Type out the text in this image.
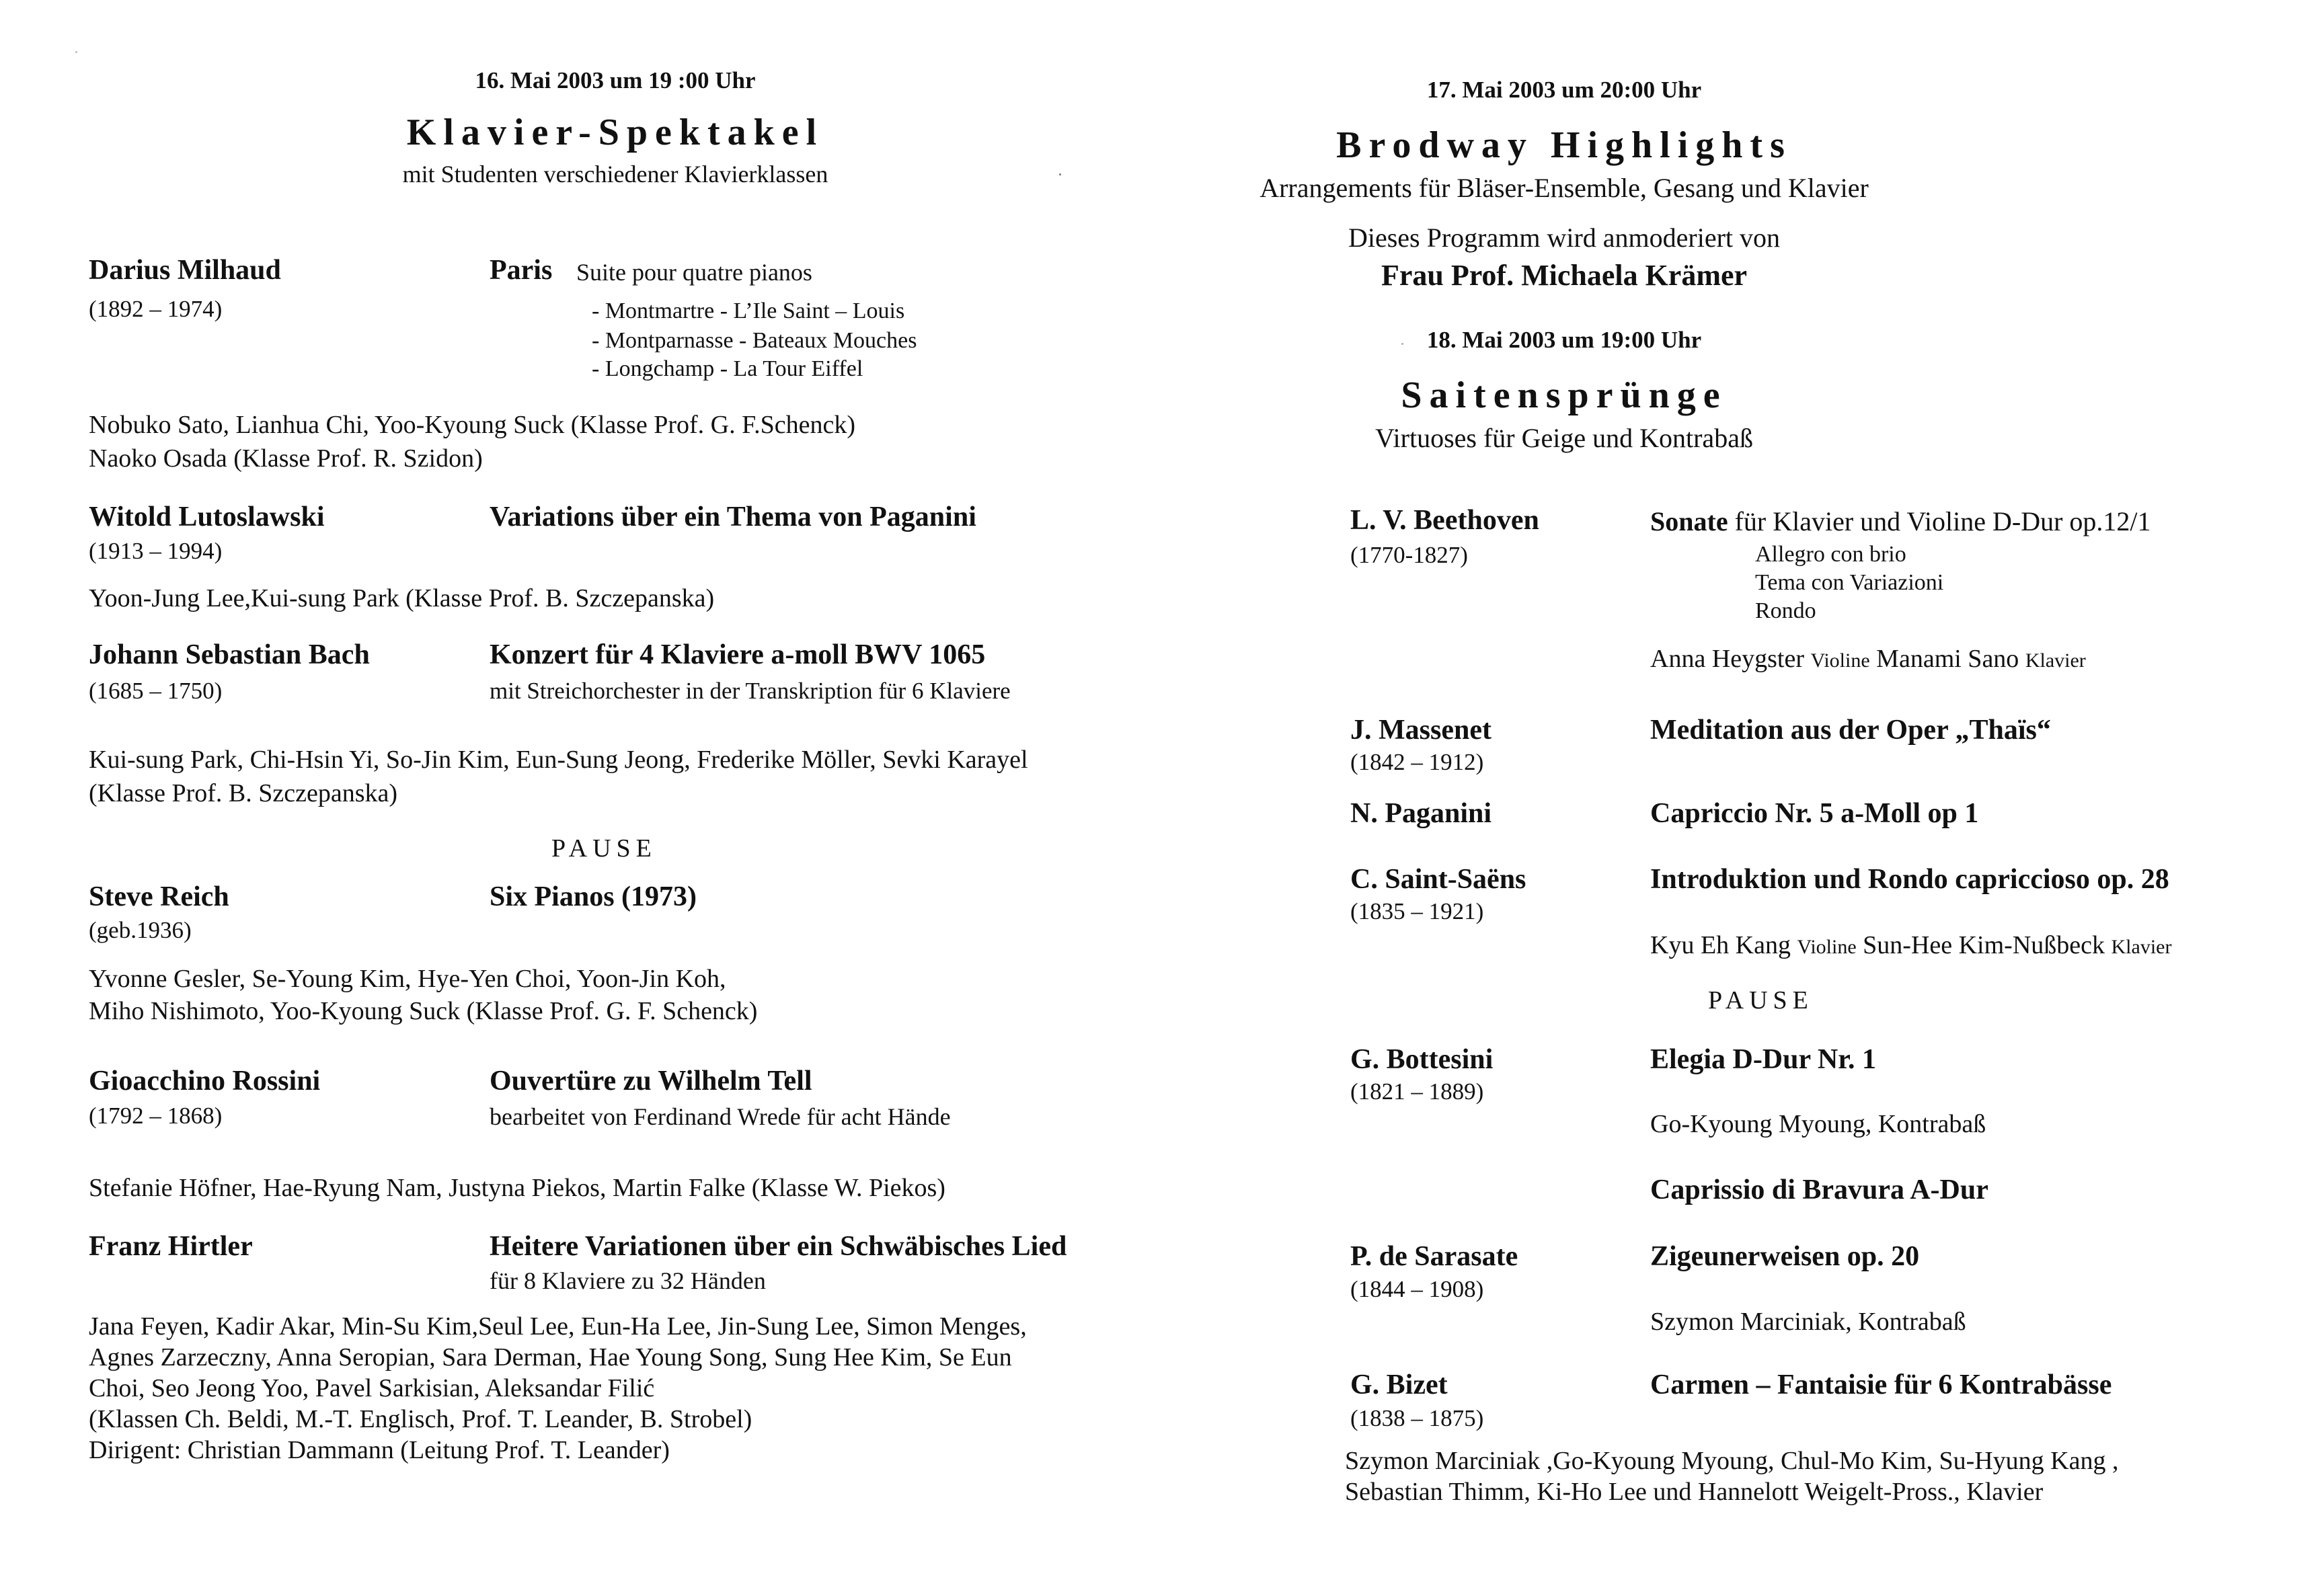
16. Mai 2003 um 19 :00 Uhr
Klavier-Spektakel
mit Studenten verschiedener Klavierklassen
Darius Milhaud
(1892 – 1974)
Paris Suite pour quatre pianos
- Montmartre - L’Ile Saint – Louis
- Montparnasse - Bateaux Mouches
- Longchamp - La Tour Eiffel
Nobuko Sato, Lianhua Chi, Yoo-Kyoung Suck (Klasse Prof. G. F.Schenck)
Naoko Osada (Klasse Prof. R. Szidon)
Witold Lutoslawski
(1913 – 1994)
Variations über ein Thema von Paganini
Yoon-Jung Lee,Kui-sung Park (Klasse Prof. B. Szczepanska)
Johann Sebastian Bach
(1685 – 1750)
Konzert für 4 Klaviere a-moll BWV 1065
mit Streichorchester in der Transkription für 6 Klaviere
Kui-sung Park, Chi-Hsin Yi, So-Jin Kim, Eun-Sung Jeong, Frederike Möller, Sevki Karayel
(Klasse Prof. B. Szczepanska)
PAUSE
Steve Reich
(geb.1936)
Six Pianos (1973)
Yvonne Gesler, Se-Young Kim, Hye-Yen Choi, Yoon-Jin Koh,
Miho Nishimoto, Yoo-Kyoung Suck (Klasse Prof. G. F. Schenck)
Gioacchino Rossini
(1792 – 1868)
Ouvertüre zu Wilhelm Tell
bearbeitet von Ferdinand Wrede für acht Hände
Stefanie Höfner, Hae-Ryung Nam, Justyna Piekos, Martin Falke (Klasse W. Piekos)
Franz Hirtler	Heitere Variationen über ein Schwäbisches Lied
für 8 Klaviere zu 32 Händen
Jana Feyen, Kadir Akar, Min-Su Kim,Seul Lee, Eun-Ha Lee, Jin-Sung Lee, Simon Menges,
Agnes Zarzeczny, Anna Seropian, Sara Derman, Hae Young Song, Sung Hee Kim, Se Eun
Choi, Seo Jeong Yoo, Pavel Sarkisian, Aleksandar Filić
(Klassen Ch. Beldi, M.-T. Englisch, Prof. T. Leander, B. Strobel)
Dirigent: Christian Dammann (Leitung Prof. T. Leander)
17. Mai 2003 um 20:00 Uhr
Brodway Highlights
Arrangements für Bläser-Ensemble, Gesang und Klavier
Dieses Programm wird anmoderiert von
Frau Prof. Michaela Krämer
18. Mai 2003 um 19:00 Uhr
Saitensprünge
Virtuoses für Geige und Kontrabaß
L. V. Beethoven
(1770-1827)
Sonate für Klavier und Violine D-Dur op.12/1
Allegro con brio
Tema con Variazioni
Rondo
Anna Heygster Violine Manami Sano Klavier
J. Massenet
(1842 – 1912)
Meditation aus der Oper „Thaïs“
N. Paganini	Capriccio Nr. 5 a-Moll op 1
C. Saint-Saëns
(1835 – 1921)
Introduktion und Rondo capriccioso op. 28
Kyu Eh Kang Violine Sun-Hee Kim-Nußbeck Klavier
PAUSE
G. Bottesini
(1821 – 1889)
Elegia D-Dur Nr. 1
Go-Kyoung Myoung, Kontrabaß
Caprissio di Bravura A-Dur
P. de Sarasate
(1844 – 1908)
Zigeunerweisen op. 20
Szymon Marciniak, Kontrabaß
G. Bizet
(1838 – 1875)
Carmen – Fantaisie für 6 Kontrabässe
Szymon Marciniak ,Go-Kyoung Myoung, Chul-Mo Kim, Su-Hyung Kang ,
Sebastian Thimm, Ki-Ho Lee und Hannelott Weigelt-Pross., Klavier
